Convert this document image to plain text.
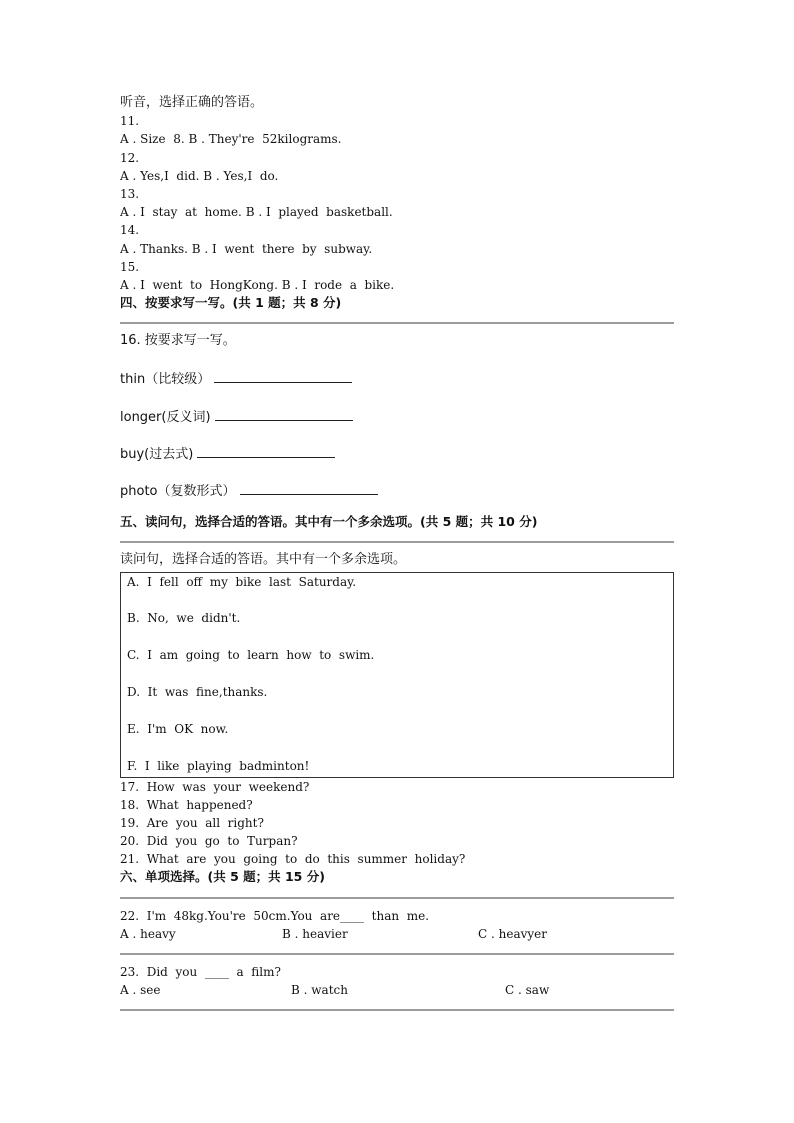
听音，选择正确的答语。
11.
A . Size  8. B . They're  52kilograms.
12.
A . Yes,I  did. B . Yes,I  do.
13.
A . I  stay  at  home. B . I  played  basketball.
14.
A . Thanks. B . I  went  there  by  subway.
15.
A . I  went  to  HongKong. B . I  rode  a  bike.
四、按要求写一写。(共 1 题；共 8 分)
16. 按要求写一写。
thin（比较级）
longer(反义词)
buy(过去式)
photo（复数形式）
五、读问句，选择合适的答语。其中有一个多余选项。(共 5 题；共 10 分)
读问句，选择合适的答语。其中有一个多余选项。
A.  I  fell  off  my  bike  last  Saturday.
B.  No,  we  didn't.
C.  I  am  going  to  learn  how  to  swim.
D.  It  was  fine,thanks.
E.  I'm  OK  now.
F.  I  like  playing  badminton!
17.  How  was  your  weekend?
18.  What  happened?
19.  Are  you  all  right?
20.  Did  you  go  to  Turpan?
21.  What  are  you  going  to  do  this  summer  holiday?
六、单项选择。(共 5 题；共 15 分)
22.  I'm  48kg.You're  50cm.You  are____  than  me.
A . heavy	B . heavier	C . heavyer
23.  Did  you  ____  a  film?
A . see	B . watch	C . saw
